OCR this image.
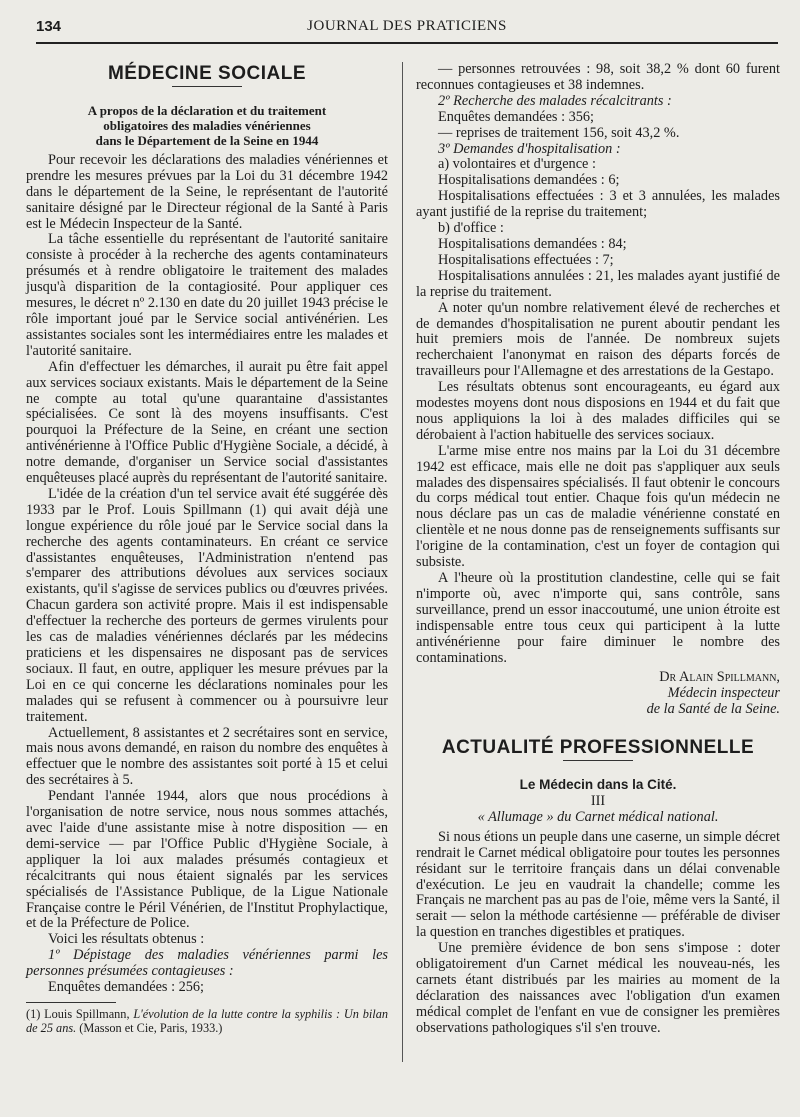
134	JOURNAL DES PRATICIENS
MÉDECINE SOCIALE
A propos de la déclaration et du traitement
obligatoires des maladies vénériennes
dans le Département de la Seine en 1944

Pour recevoir les déclarations des maladies vénériennes et prendre les mesures prévues par la Loi du 31 décembre 1942 dans le département de la Seine, le représentant de l'autorité sanitaire désigné par le Directeur régional de la Santé à Paris est le Médecin Inspecteur de la Santé.

La tâche essentielle du représentant de l'autorité sanitaire consiste à procéder à la recherche des agents contaminateurs présumés et à rendre obligatoire le traitement des malades jusqu'à disparition de la contagiosité. Pour appliquer ces mesures, le décret nº 2.130 en date du 20 juillet 1943 précise le rôle important joué par le Service social antivénérien. Les assistantes sociales sont les intermédiaires entre les malades et l'autorité sanitaire.

Afin d'effectuer les démarches, il aurait pu être fait appel aux services sociaux existants. Mais le département de la Seine ne compte au total qu'une quarantaine d'assistantes spécialisées. Ce sont là des moyens insuffisants. C'est pourquoi la Préfecture de la Seine, en créant une section antivénérienne à l'Office Public d'Hygiène Sociale, a décidé, à notre demande, d'organiser un Service social d'assistantes enquêteuses placé auprès du représentant de l'autorité sanitaire.

L'idée de la création d'un tel service avait été suggérée dès 1933 par le Prof. Louis Spillmann (1) qui avait déjà une longue expérience du rôle joué par le Service social dans la recherche des agents contaminateurs. En créant ce service d'assistantes enquêteuses, l'Administration n'entend pas s'emparer des attributions dévolues aux services sociaux existants, qu'il s'agisse de services publics ou d'œuvres privées. Chacun gardera son activité propre. Mais il est indispensable d'effectuer la recherche des porteurs de germes virulents pour les cas de maladies vénériennes déclarés par les médecins praticiens et les dispensaires ne disposant pas de services sociaux. Il faut, en outre, appliquer les mesure prévues par la Loi en ce qui concerne les déclarations nominales pour les malades qui se refusent à commencer ou à poursuivre leur traitement.

Actuellement, 8 assistantes et 2 secrétaires sont en service, mais nous avons demandé, en raison du nombre des enquêtes à effectuer que le nombre des assistantes soit porté à 15 et celui des secrétaires à 5.

Pendant l'année 1944, alors que nous procédions à l'organisation de notre service, nous nous sommes attachés, avec l'aide d'une assistante mise à notre disposition — en demi-service — par l'Office Public d'Hygiène Sociale, à appliquer la loi aux malades présumés contagieux et récalcitrants qui nous étaient signalés par les services spécialisés de l'Assistance Publique, de la Ligue Nationale Française contre le Péril Vénérien, de l'Institut Prophylactique, et de la Préfecture de Police.

Voici les résultats obtenus :

1º Dépistage des maladies vénériennes parmi les personnes présumées contagieuses :

Enquêtes demandées : 256;

(1) Louis Spillmann, L'évolution de la lutte contre la syphilis : Un bilan de 25 ans. (Masson et Cie, Paris, 1933.)

— personnes retrouvées : 98, soit 38,2 % dont 60 furent reconnues contagieuses et 38 indemnes.

2º Recherche des malades récalcitrants :

Enquêtes demandées : 356;

— reprises de traitement 156, soit 43,2 %.

3º Demandes d'hospitalisation :

a) volontaires et d'urgence :

Hospitalisations demandées : 6;

Hospitalisations effectuées : 3 et 3 annulées, les malades ayant justifié de la reprise du traitement;

b) d'office :

Hospitalisations demandées : 84;

Hospitalisations effectuées : 7;

Hospitalisations annulées : 21, les malades ayant justifié de la reprise du traitement.

A noter qu'un nombre relativement élevé de recherches et de demandes d'hospitalisation ne purent aboutir pendant les huit premiers mois de l'année. De nombreux sujets recherchaient l'anonymat en raison des départs forcés de travailleurs pour l'Allemagne et des arrestations de la Gestapo.

Les résultats obtenus sont encourageants, eu égard aux modestes moyens dont nous disposions en 1944 et du fait que nous appliquions la loi à des malades difficiles qui se dérobaient à l'action habituelle des services sociaux.

L'arme mise entre nos mains par la Loi du 31 décembre 1942 est efficace, mais elle ne doit pas s'appliquer aux seuls malades des dispensaires spécialisés. Il faut obtenir le concours du corps médical tout entier. Chaque fois qu'un médecin ne nous déclare pas un cas de maladie vénérienne constaté en clientèle et ne nous donne pas de renseignements suffisants sur l'origine de la contamination, c'est un foyer de contagion qui subsiste.

A l'heure où la prostitution clandestine, celle qui se fait n'importe où, avec n'importe qui, sans contrôle, sans surveillance, prend un essor inaccoutumé, une union étroite est indispensable entre tous ceux qui participent à la lutte antivénérienne pour faire diminuer le nombre des contaminations.

Dr Alain Spillmann,
Médecin inspecteur
de la Santé de la Seine.
ACTUALITÉ PROFESSIONNELLE
Le Médecin dans la Cité.
III
« Allumage » du Carnet médical national.

Si nous étions un peuple dans une caserne, un simple décret rendrait le Carnet médical obligatoire pour toutes les personnes résidant sur le territoire français dans un délai convenable d'exécution. Le jeu en vaudrait la chandelle; comme les Français ne marchent pas au pas de l'oie, même vers la Santé, il serait — selon la méthode cartésienne — préférable de diviser la question en tranches digestibles et pratiques.

Une première évidence de bon sens s'impose : doter obligatoirement d'un Carnet médical les nouveau-nés, les carnets étant distribués par les mairies au moment de la déclaration des naissances avec l'obligation d'un examen médical complet de l'enfant en vue de consigner les premières observations pathologiques s'il s'en trouve.
